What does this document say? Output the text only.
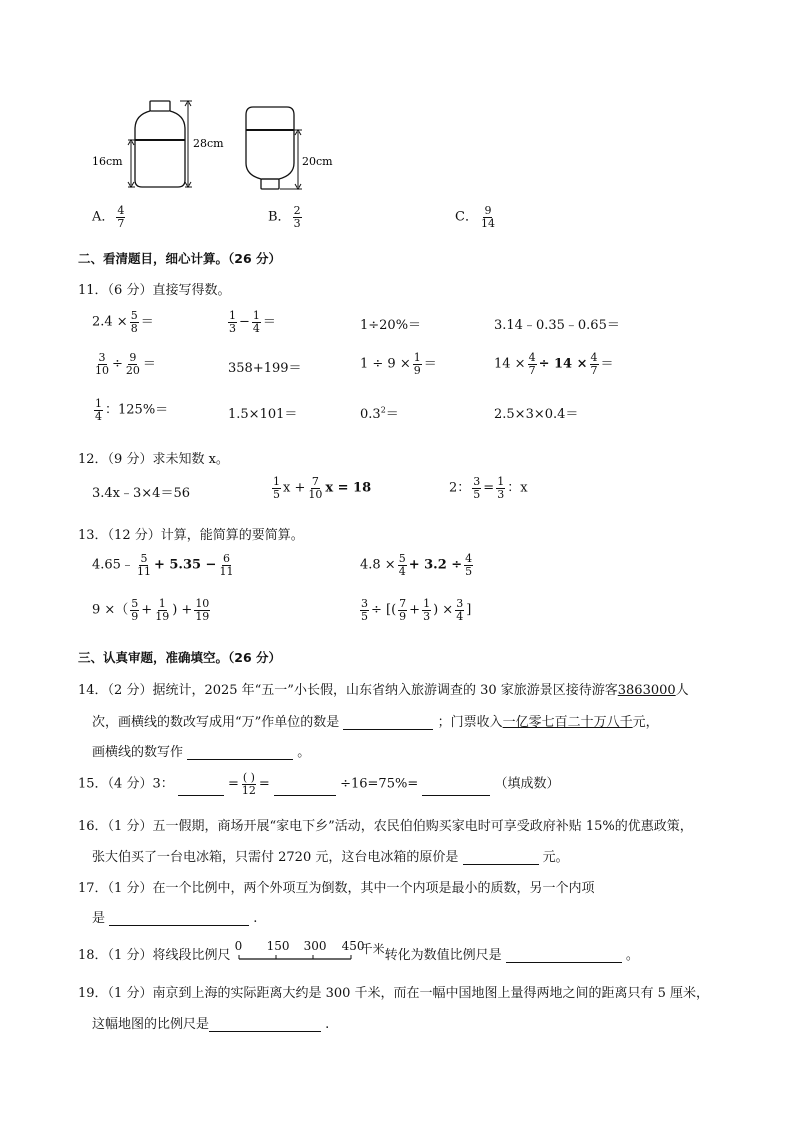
16cm
28cm
20cm
A． $\frac{4}{7}$	B． $\frac{2}{3}$	C． $\frac{9}{14}$
二、看清题目，细心计算。（26 分）
11．（6 分）直接写得数。
$2.4 \times \frac{5}{8}$ ＝	$\frac{1}{3} - \frac{1}{4}$ ＝	1÷20%＝	3.14﹣0.35﹣0.65＝
$\frac{3}{10} \div \frac{9}{20}$ ＝	358+199＝	$1 \div 9 \times \frac{1}{9}$ ＝	$14 \times \frac{4}{7} \div 14 \times \frac{4}{7}$ ＝
$\frac{1}{4}$ ：125%＝	1.5×101＝	$0.3^2=$	2.5×3×0.4＝
12．（9 分）求未知数 x。
3.4x﹣3×4＝56	$\frac{1}{5}$ $x + \frac{7}{10}$ x = 18	2： $\frac{3}{5} = \frac{1}{3}$ ：x
13．（12 分）计算，能简算的要简算。
4.65﹣ $\frac{5}{11} + 5.35 - \frac{6}{11}$	$4.8 \times \frac{5}{4} + 3.2 \div \frac{4}{5}$
9 ×（ $\frac{5}{9} + \frac{1}{19}$ ) + $\frac{10}{19}$	$\frac{3}{5}$ ÷ [( $\frac{7}{9} + \frac{1}{3}$ ) × $\frac{3}{4}$ ]
三、认真审题，准确填空。（26 分）
14．（2 分）据统计，2025 年“五一”小长假，山东省纳入旅游调查的 30 家旅游景区接待游客3863000人
次，画横线的数改写成用“万”作单位的数是	；门票收入一亿零七百二十万八千元，
画横线的数写作	。
15．（4 分）3：	= $\frac{( )}{12}$ =	÷16=75%=	（填成数）
16．（1 分）五一假期，商场开展“家电下乡”活动，农民伯伯购买家电时可享受政府补贴 15%的优惠政策，
张大伯买了一台电冰箱，只需付 2720 元，这台电冰箱的原价是	元。
17．（1 分）在一个比例中，两个外项互为倒数，其中一个内项是最小的质数，另一个内项
是	.
18．（1 分）将线段比例尺
0 150 300 450
千米转化为数值比例尺是	。
19．（1 分）南京到上海的实际距离大约是 300 千米，而在一幅中国地图上量得两地之间的距离只有 5 厘米，
这幅地图的比例尺是	.
